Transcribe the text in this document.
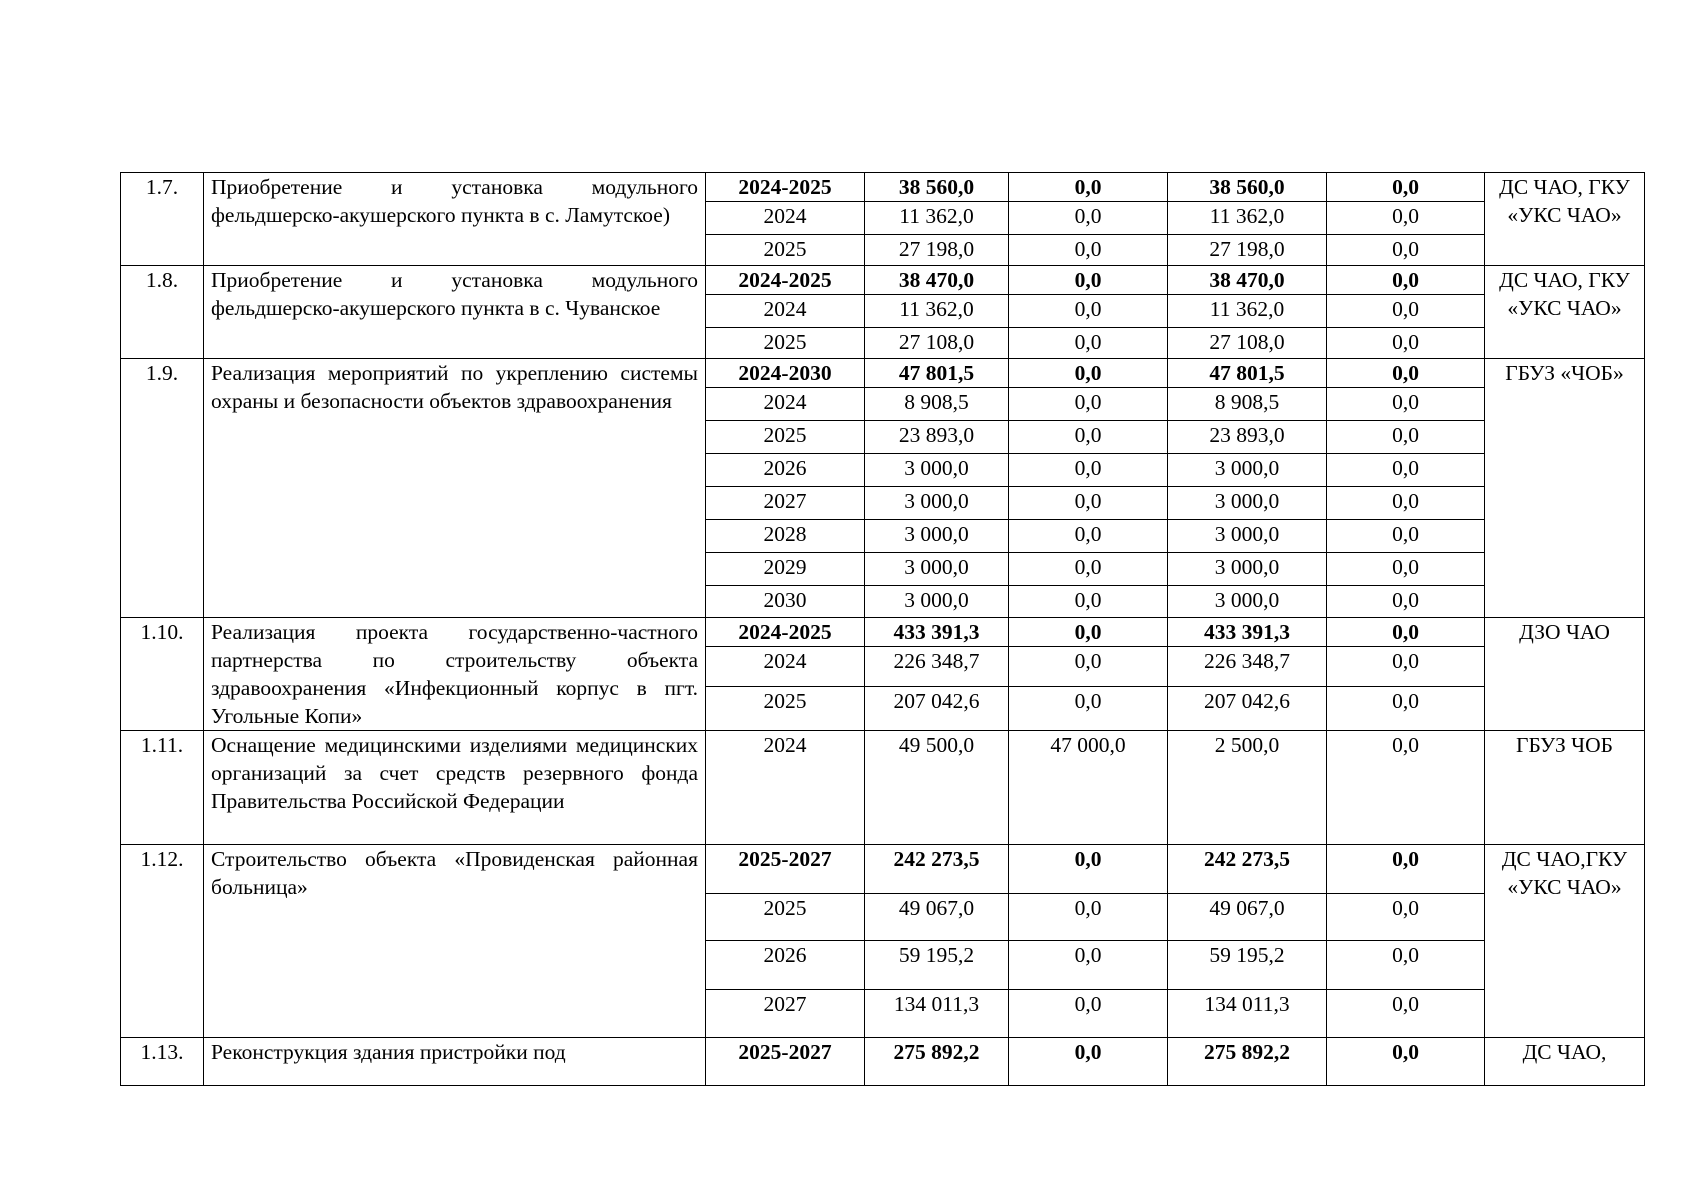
1.7.	Приобретение и установка модульного фельдшерско-акушерского пункта в с. Ламутское)	2024-2025	38 560,0	0,0	38 560,0	0,0	ДС ЧАО, ГКУ «УКС ЧАО»
		2024	11 362,0	0,0	11 362,0	0,0	
		2025	27 198,0	0,0	27 198,0	0,0	
1.8.	Приобретение и установка модульного фельдшерско-акушерского пункта в с. Чуванское	2024-2025	38 470,0	0,0	38 470,0	0,0	ДС ЧАО, ГКУ «УКС ЧАО»
		2024	11 362,0	0,0	11 362,0	0,0	
		2025	27 108,0	0,0	27 108,0	0,0	
1.9.	Реализация мероприятий по укреплению системы охраны и безопасности объектов здравоохранения	2024-2030	47 801,5	0,0	47 801,5	0,0	ГБУЗ «ЧОБ»
		2024	8 908,5	0,0	8 908,5	0,0	
		2025	23 893,0	0,0	23 893,0	0,0	
		2026	3 000,0	0,0	3 000,0	0,0	
		2027	3 000,0	0,0	3 000,0	0,0	
		2028	3 000,0	0,0	3 000,0	0,0	
		2029	3 000,0	0,0	3 000,0	0,0	
		2030	3 000,0	0,0	3 000,0	0,0	
1.10.	Реализация проекта государственно-частного партнерства по строительству объекта здравоохранения «Инфекционный корпус в пгт. Угольные Копи»	2024-2025	433 391,3	0,0	433 391,3	0,0	ДЗО ЧАО
		2024	226 348,7	0,0	226 348,7	0,0	
		2025	207 042,6	0,0	207 042,6	0,0	
1.11.	Оснащение медицинскими изделиями медицинских организаций за счет средств резервного фонда Правительства Российской Федерации	2024	49 500,0	47 000,0	2 500,0	0,0	ГБУЗ ЧОБ
1.12.	Строительство объекта «Провиденская районная больница»	2025-2027	242 273,5	0,0	242 273,5	0,0	ДС ЧАО,ГКУ «УКС ЧАО»
		2025	49 067,0	0,0	49 067,0	0,0	
		2026	59 195,2	0,0	59 195,2	0,0	
		2027	134 011,3	0,0	134 011,3	0,0	
1.13.	Реконструкция здания пристройки под	2025-2027	275 892,2	0,0	275 892,2	0,0	ДС ЧАО,
